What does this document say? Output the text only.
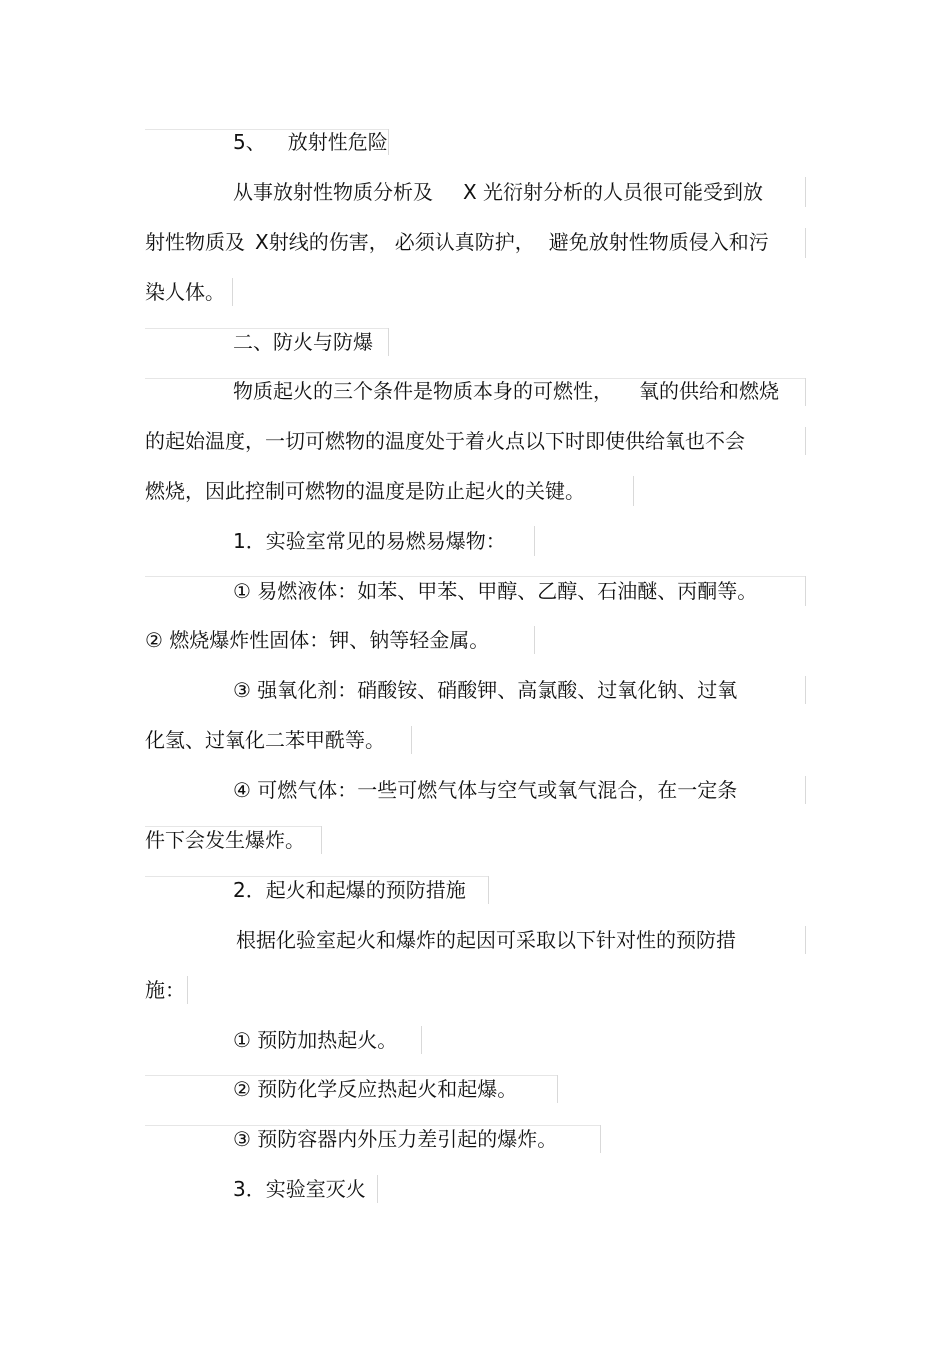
5、 放射性危险
从事放射性物质分析及 X 光衍射分析的人员很可能受到放
射性物质及 X射线的伤害， 必须认真防护， 避免放射性物质侵入和污
染人体。
二、防火与防爆
物质起火的三个条件是物质本身的可燃性， 氧的供给和燃烧
的起始温度，一切可燃物的温度处于着火点以下时即使供给氧也不会
燃烧，因此控制可燃物的温度是防止起火的关键。
1．实验室常见的易燃易爆物：
① 易燃液体：如苯、甲苯、甲醇、乙醇、石油醚、丙酮等。
② 燃烧爆炸性固体：钾、钠等轻金属。
③ 强氧化剂：硝酸铵、硝酸钾、高氯酸、过氧化钠、过氧
化氢、过氧化二苯甲酰等。
④ 可燃气体：一些可燃气体与空气或氧气混合，在一定条
件下会发生爆炸。
2．起火和起爆的预防措施
根据化验室起火和爆炸的起因可采取以下针对性的预防措
施：
① 预防加热起火。
② 预防化学反应热起火和起爆。
③ 预防容器内外压力差引起的爆炸。
3．实验室灭火
